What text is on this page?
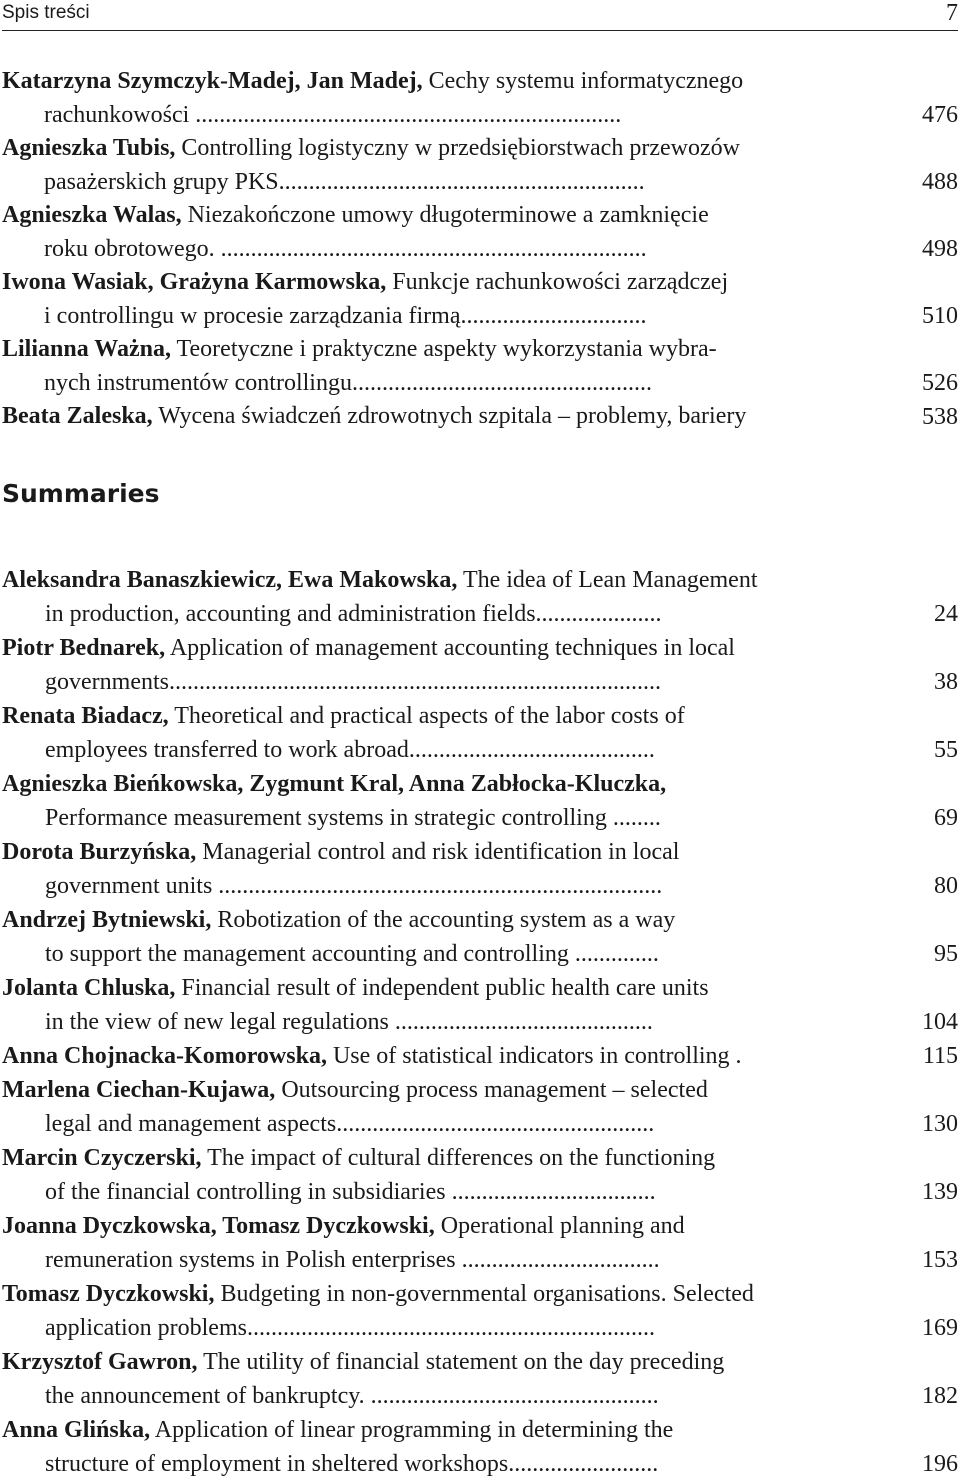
Spis treści	7
Katarzyna Szymczyk-Madej, Jan Madej, Cechy systemu informatycznego
rachunkowości .......................................................................	476
Agnieszka Tubis, Controlling logistyczny w przedsiębiorstwach przewozów
pasażerskich grupy PKS.............................................................	488
Agnieszka Walas, Niezakończone umowy długoterminowe a zamknięcie
roku obrotowego. .......................................................................	498
Iwona Wasiak, Grażyna Karmowska, Funkcje rachunkowości zarządczej
i controllingu w procesie zarządzania firmą...............................	510
Lilianna Ważna, Teoretyczne i praktyczne aspekty wykorzystania wybra-
nych instrumentów controllingu..................................................	526
Beata Zaleska, Wycena świadczeń zdrowotnych szpitala – problemy, bariery	538
Summaries
Aleksandra Banaszkiewicz, Ewa Makowska, The idea of Lean Management
in production, accounting and administration fields.....................	24
Piotr Bednarek, Application of management accounting techniques in local
governments..................................................................................	38
Renata Biadacz, Theoretical and practical aspects of the labor costs of
employees transferred to work abroad.........................................	55
Agnieszka Bieńkowska, Zygmunt Kral, Anna Zabłocka-Kluczka,
Performance measurement systems in strategic controlling ........	69
Dorota Burzyńska, Managerial control and risk identification in local
government units ..........................................................................	80
Andrzej Bytniewski, Robotization of the accounting system as a way
to support the management accounting and controlling ..............	95
Jolanta Chluska, Financial result of independent public health care units
in the view of new legal regulations ...........................................	104
Anna Chojnacka-Komorowska, Use of statistical indicators in controlling .	115
Marlena Ciechan-Kujawa, Outsourcing process management – selected
legal and management aspects.....................................................	130
Marcin Czyczerski, The impact of cultural differences on the functioning
of the financial controlling in subsidiaries ..................................	139
Joanna Dyczkowska, Tomasz Dyczkowski, Operational planning and
remuneration systems in Polish enterprises .................................	153
Tomasz Dyczkowski, Budgeting in non-governmental organisations. Selected
application problems....................................................................	169
Krzysztof Gawron, The utility of financial statement on the day preceding
the announcement of bankruptcy. ................................................	182
Anna Glińska, Application of linear programming in determining the
structure of employment in sheltered workshops.........................	196
